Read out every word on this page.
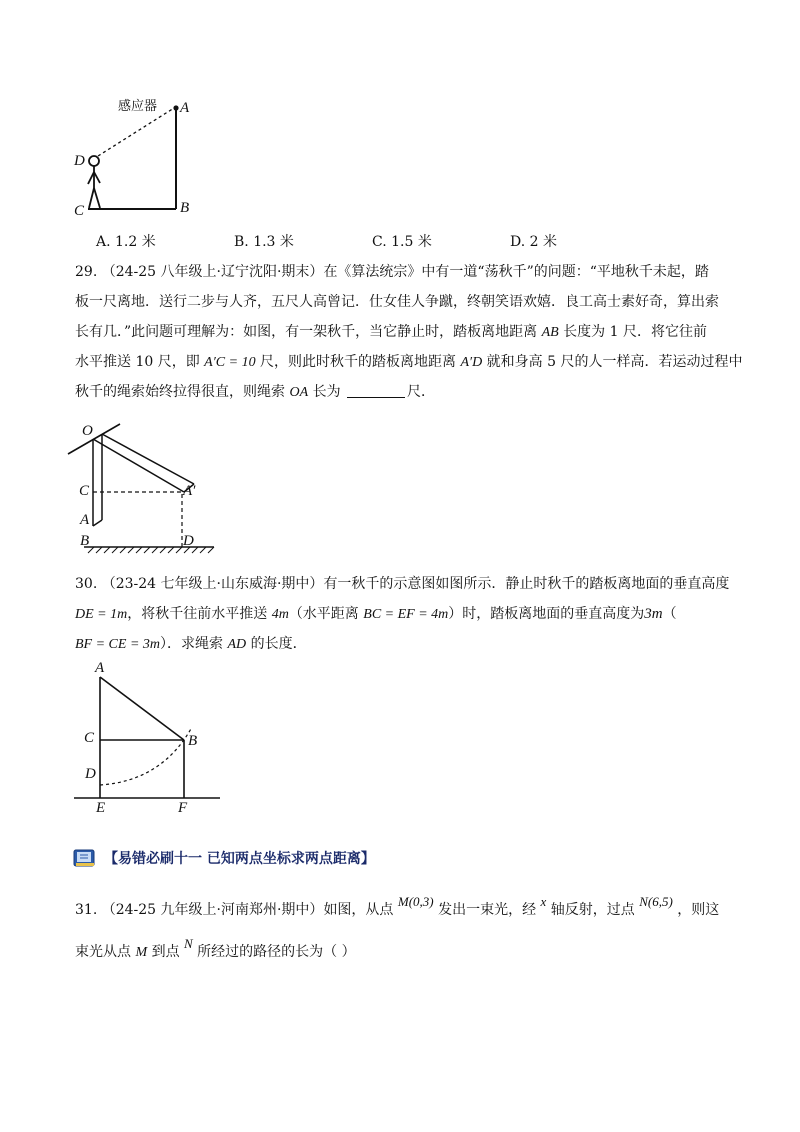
感应器 A
B
C
D
A. 1.2 米	B. 1.3 米	C. 1.5 米	D. 2 米
29. （24-25 八年级上·辽宁沈阳·期末）在《算法统宗》中有一道“荡秋千”的问题：“平地秋千未起，踏
板一尺离地．送行二步与人齐，五尺人高曾记．仕女佳人争蹴，终朝笑语欢嬉．良工高士素好奇，算出索
长有几．”此问题可理解为：如图，有一架秋千，当它静止时，踏板离地距离 AB 长度为 1 尺．将它往前
水平推送 10 尺，即 A′C = 10 尺，则此时秋千的踏板离地距离 A′D 就和身高 5 尺的人一样高．若运动过程中
秋千的绳索始终拉得很直，则绳索 OA 长为	尺．
O
C	A′
A
B	D
30. （23-24 七年级上·山东威海·期中）有一秋千的示意图如图所示．静止时秋千的踏板离地面的垂直高度
DE = 1m，将秋千往前水平推送 4m（水平距离 BC = EF = 4m）时，踏板离地面的垂直高度为3m（
BF = CE = 3m）．求绳索 AD 的长度．
A
C	B
D
E	F
【易错必刷十一 已知两点坐标求两点距离】
31. （24-25 九年级上·河南郑州·期中）如图，从点 M(0,3) 发出一束光，经 x 轴反射，过点 N(6,5) ，则这
束光从点 M 到点 N 所经过的路径的长为（ ）
